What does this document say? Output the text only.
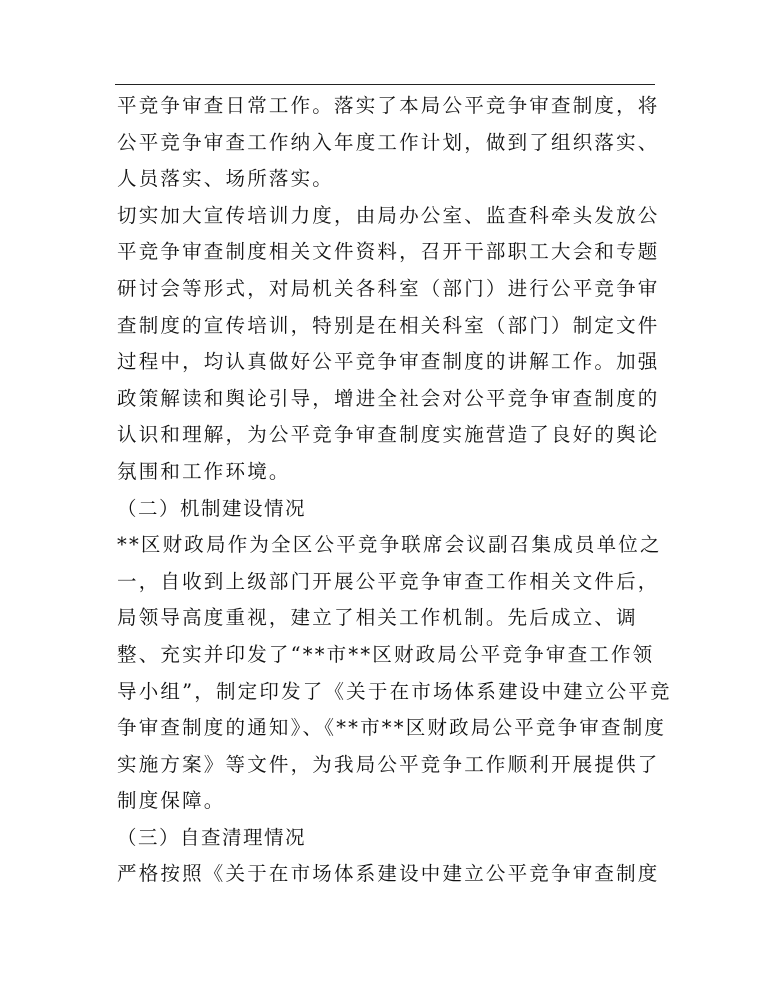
平竞争审查日常工作。落实了本局公平竞争审查制度，将
公平竞争审查工作纳入年度工作计划，做到了组织落实、
人员落实、场所落实。
切实加大宣传培训力度，由局办公室、监查科牵头发放公
平竞争审查制度相关文件资料，召开干部职工大会和专题
研讨会等形式，对局机关各科室（部门）进行公平竞争审
查制度的宣传培训，特别是在相关科室（部门）制定文件
过程中，均认真做好公平竞争审查制度的讲解工作。加强
政策解读和舆论引导，增进全社会对公平竞争审查制度的
认识和理解，为公平竞争审查制度实施营造了良好的舆论
氛围和工作环境。
（二）机制建设情况
**区财政局作为全区公平竞争联席会议副召集成员单位之
一，自收到上级部门开展公平竞争审查工作相关文件后，
局领导高度重视，建立了相关工作机制。先后成立、调
整、充实并印发了“**市**区财政局公平竞争审查工作领
导小组”，制定印发了《关于在市场体系建设中建立公平竞
争审查制度的通知》、《**市**区财政局公平竞争审查制度
实施方案》等文件，为我局公平竞争工作顺利开展提供了
制度保障。
（三）自查清理情况
严格按照《关于在市场体系建设中建立公平竞争审查制度
